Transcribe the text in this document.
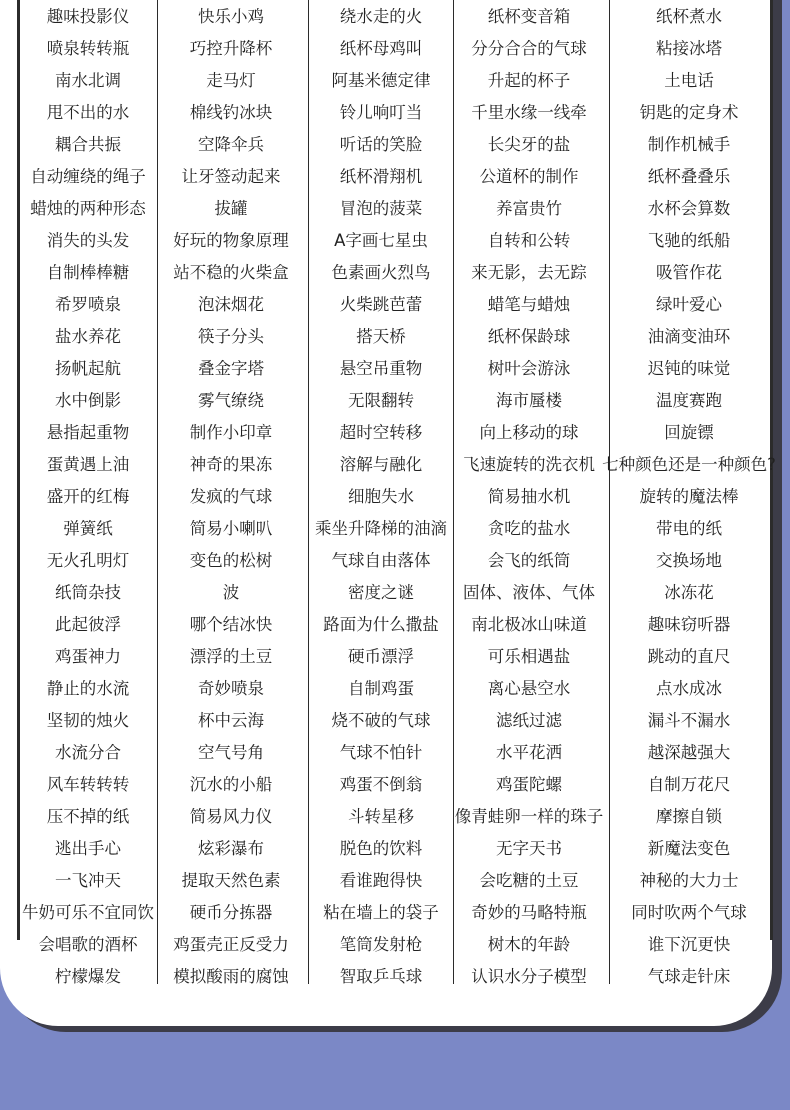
趣味投影仪	快乐小鸡	绕水走的火	纸杯变音箱	纸杯煮水
喷泉转转瓶	巧控升降杯	纸杯母鸡叫	分分合合的气球	粘接冰塔
南水北调	走马灯	阿基米德定律	升起的杯子	土电话
甩不出的水	棉线钓冰块	铃儿响叮当	千里水缘一线牵	钥匙的定身术
耦合共振	空降伞兵	听话的笑脸	长尖牙的盐	制作机械手
自动缠绕的绳子	让牙签动起来	纸杯滑翔机	公道杯的制作	纸杯叠叠乐
蜡烛的两种形态	拔罐	冒泡的菠菜	养富贵竹	水杯会算数
消失的头发	好玩的物象原理	A字画七星虫	自转和公转	飞驰的纸船
自制棒棒糖	站不稳的火柴盒	色素画火烈鸟	来无影，去无踪	吸管作花
希罗喷泉	泡沫烟花	火柴跳芭蕾	蜡笔与蜡烛	绿叶爱心
盐水养花	筷子分头	搭天桥	纸杯保龄球	油滴变油环
扬帆起航	叠金字塔	悬空吊重物	树叶会游泳	迟钝的味觉
水中倒影	雾气缭绕	无限翻转	海市蜃楼	温度赛跑
悬指起重物	制作小印章	超时空转移	向上移动的球	回旋镖
蛋黄遇上油	神奇的果冻	溶解与融化	飞速旋转的洗衣机 七种颜色还是一种颜色?
盛开的红梅	发疯的气球	细胞失水	简易抽水机	旋转的魔法棒
弹簧纸	简易小喇叭	乘坐升降梯的油滴	贪吃的盐水	带电的纸
无火孔明灯	变色的松树	气球自由落体	会飞的纸筒	交换场地
纸筒杂技	波	密度之谜	固体、液体、气体	冰冻花
此起彼浮	哪个结冰快	路面为什么撒盐	南北极冰山味道	趣味窃听器
鸡蛋神力	漂浮的土豆	硬币漂浮	可乐相遇盐	跳动的直尺
静止的水流	奇妙喷泉	自制鸡蛋	离心悬空水	点水成冰
坚韧的烛火	杯中云海	烧不破的气球	滤纸过滤	漏斗不漏水
水流分合	空气号角	气球不怕针	水平花洒	越深越强大
风车转转转	沉水的小船	鸡蛋不倒翁	鸡蛋陀螺	自制万花尺
压不掉的纸	简易风力仪	斗转星移	像青蛙卵一样的珠子	摩擦自锁
逃出手心	炫彩瀑布	脱色的饮料	无字天书	新魔法变色
一飞冲天	提取天然色素	看谁跑得快	会吃糖的土豆	神秘的大力士
牛奶可乐不宜同饮	硬币分拣器	粘在墙上的袋子	奇妙的马略特瓶	同时吹两个气球
会唱歌的酒杯	鸡蛋壳正反受力	笔筒发射枪	树木的年龄	谁下沉更快
柠檬爆发	模拟酸雨的腐蚀	智取乒乓球	认识水分子模型	气球走针床
